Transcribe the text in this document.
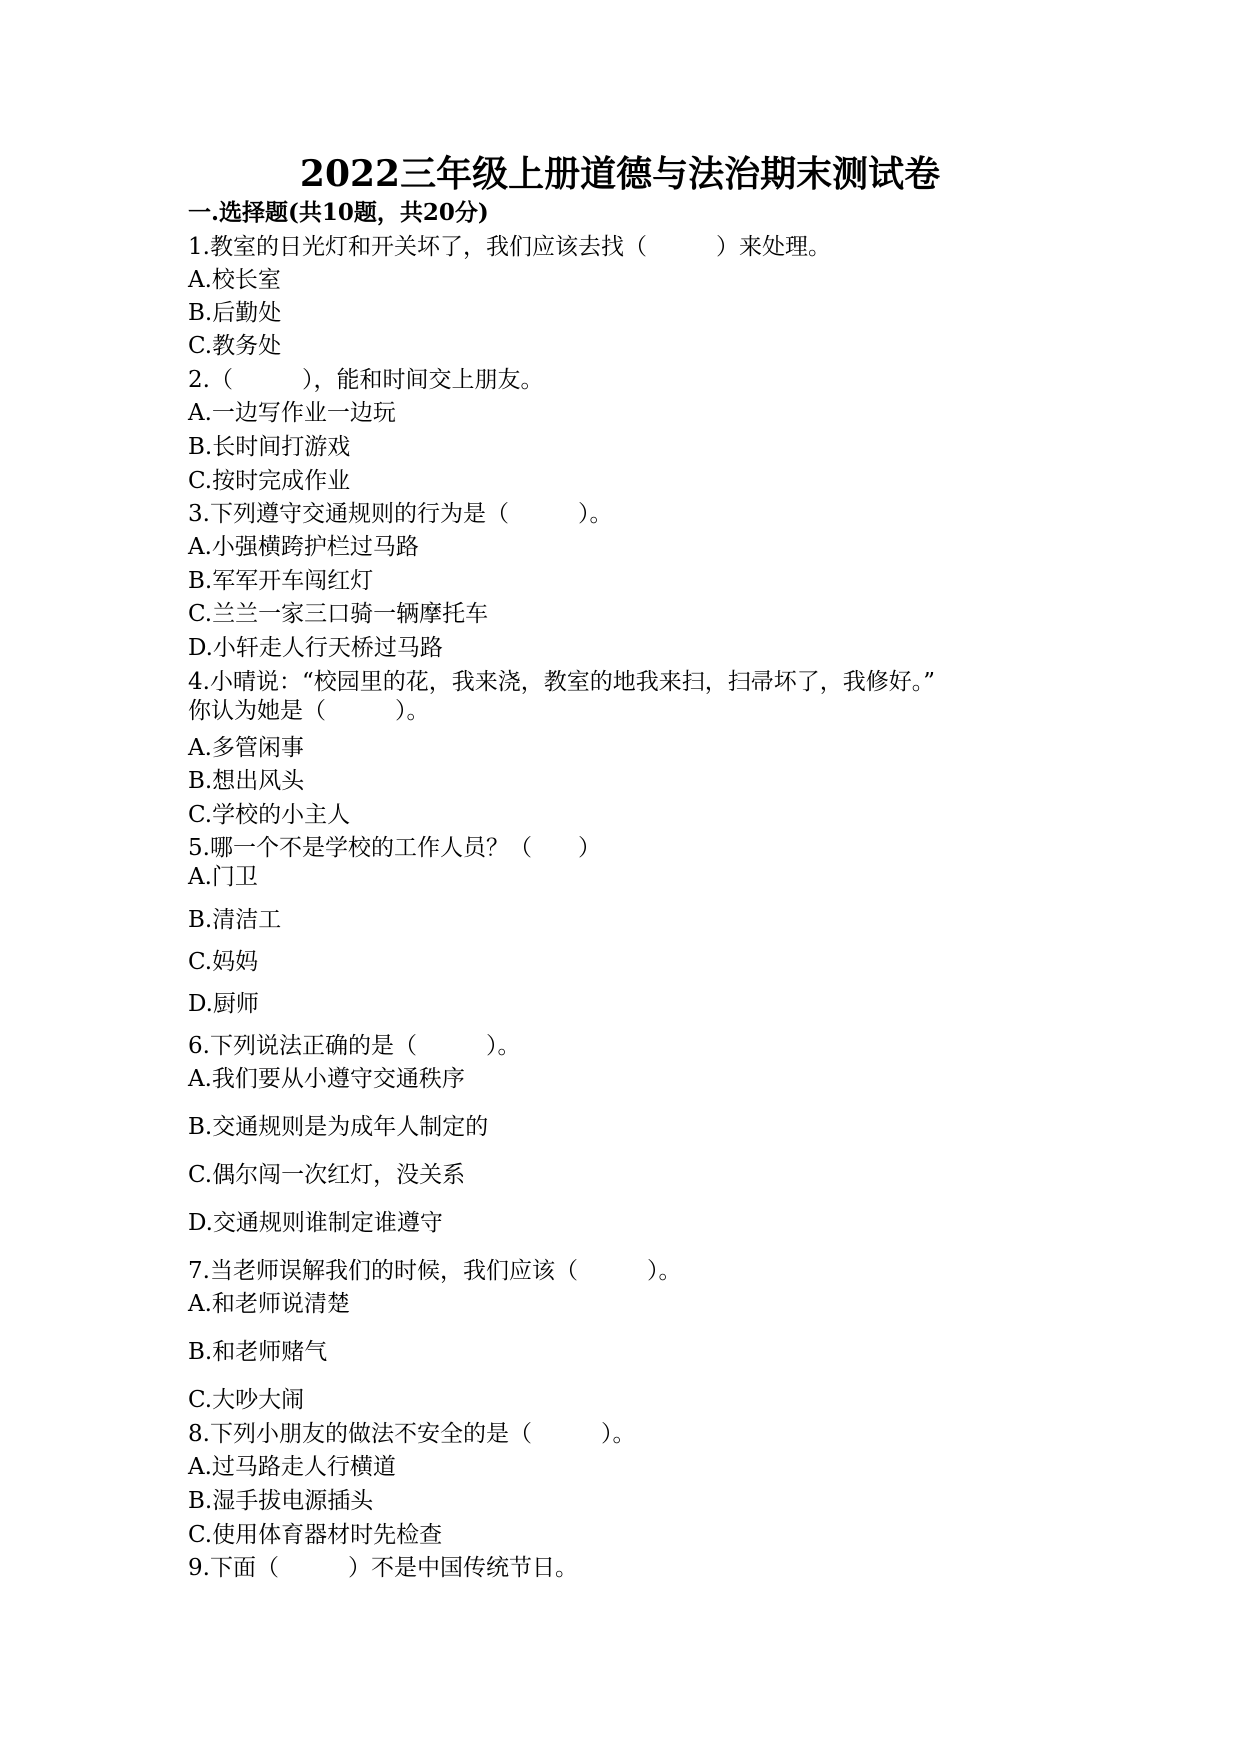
2022三年级上册道德与法治期末测试卷
一.选择题(共10题，共20分)
1.教室的日光灯和开关坏了，我们应该去找（　　　）来处理。
A.校长室
B.后勤处
C.教务处
2.（　　　），能和时间交上朋友。
A.一边写作业一边玩
B.长时间打游戏
C.按时完成作业
3.下列遵守交通规则的行为是（　　　）。
A.小强横跨护栏过马路
B.军军开车闯红灯
C.兰兰一家三口骑一辆摩托车
D.小轩走人行天桥过马路
4.小晴说：“校园里的花，我来浇，教室的地我来扫，扫帚坏了，我修好。”
你认为她是（　　　）。
A.多管闲事
B.想出风头
C.学校的小主人
5.哪一个不是学校的工作人员？（　　）
A.门卫
B.清洁工
C.妈妈
D.厨师
6.下列说法正确的是（　　　）。
A.我们要从小遵守交通秩序
B.交通规则是为成年人制定的
C.偶尔闯一次红灯，没关系
D.交通规则谁制定谁遵守
7.当老师误解我们的时候，我们应该（　　　）。
A.和老师说清楚
B.和老师赌气
C.大吵大闹
8.下列小朋友的做法不安全的是（　　　）。
A.过马路走人行横道
B.湿手拔电源插头
C.使用体育器材时先检查
9.下面（　　　）不是中国传统节日。
